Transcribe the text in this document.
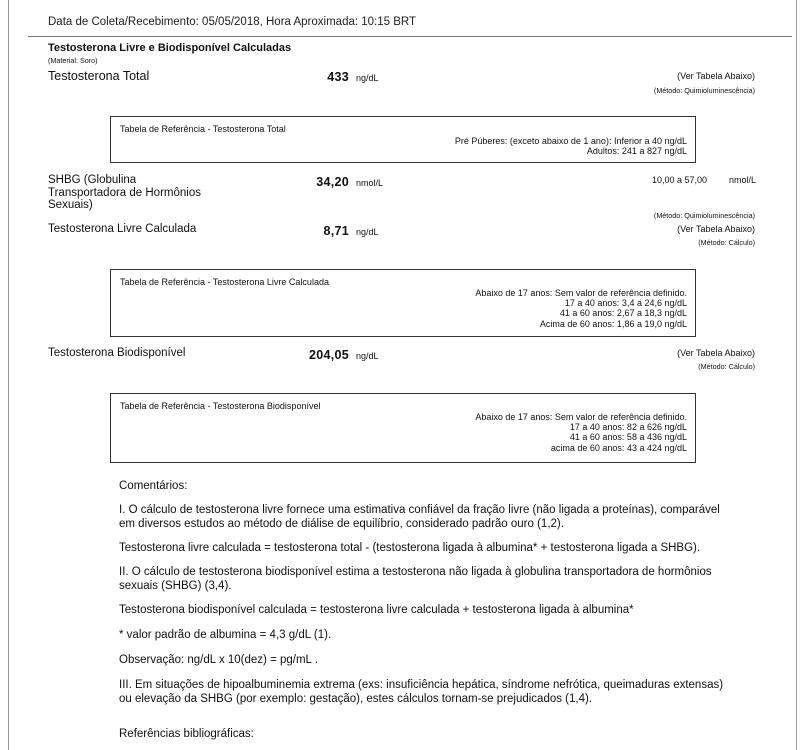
Data de Coleta/Recebimento: 05/05/2018, Hora Aproximada: 10:15 BRT
Testosterona Livre e Biodisponível Calculadas
(Material: Soro)
Testosterona Total	433 ng/dL	(Ver Tabela Abaixo)
(Método: Quimioluminescência)
Tabela de Referência - Testosterona Total
Pré Púberes: (exceto abaixo de 1 ano): Inferior a 40 ng/dL
Adultos: 241 a 827 ng/dL
SHBG (Globulina
Transportadora de Hormônios
Sexuais)
34,20 nmol/L	10,00 a 57,00 nmol/L
(Método: Quimioluminescência)
Testosterona Livre Calculada	8,71 ng/dL	(Ver Tabela Abaixo)
(Método: Cálculo)
Tabela de Referência - Testosterona Livre Calculada
Abaixo de 17 anos: Sem valor de referência definido.
17 a 40 anos: 3,4 a 24,6 ng/dL
41 a 60 anos: 2,67 a 18,3 ng/dL
Acima de 60 anos: 1,86 a 19,0 ng/dL
Testosterona Biodisponível	204,05 ng/dL	(Ver Tabela Abaixo)
(Método: Cálculo)
Tabela de Referência - Testosterona Biodisponível
Abaixo de 17 anos: Sem valor de referência definido.
17 a 40 anos: 82 a 626 ng/dL
41 a 60 anos: 58 a 436 ng/dL
acima de 60 anos: 43 a 424 ng/dL
Comentários:

I. O cálculo de testosterona livre fornece uma estimativa confiável da fração livre (não ligada a proteínas), comparável em diversos estudos ao método de diálise de equilíbrio, considerado padrão ouro (1,2).

Testosterona livre calculada = testosterona total - (testosterona ligada à albumina* + testosterona ligada a SHBG).

II. O cálculo de testosterona biodisponível estima a testosterona não ligada à globulina transportadora de hormônios sexuais (SHBG) (3,4).

Testosterona biodisponível calculada = testosterona livre calculada + testosterona ligada à albumina*

* valor padrão de albumina = 4,3 g/dL (1).

Observação: ng/dL x 10(dez) = pg/mL .

III. Em situações de hipoalbuminemia extrema (exs: insuficiência hepática, síndrome nefrótica, queimaduras extensas) ou elevação da SHBG (por exemplo: gestação), estes cálculos tornam-se prejudicados (1,4).

Referências bibliográficas:
